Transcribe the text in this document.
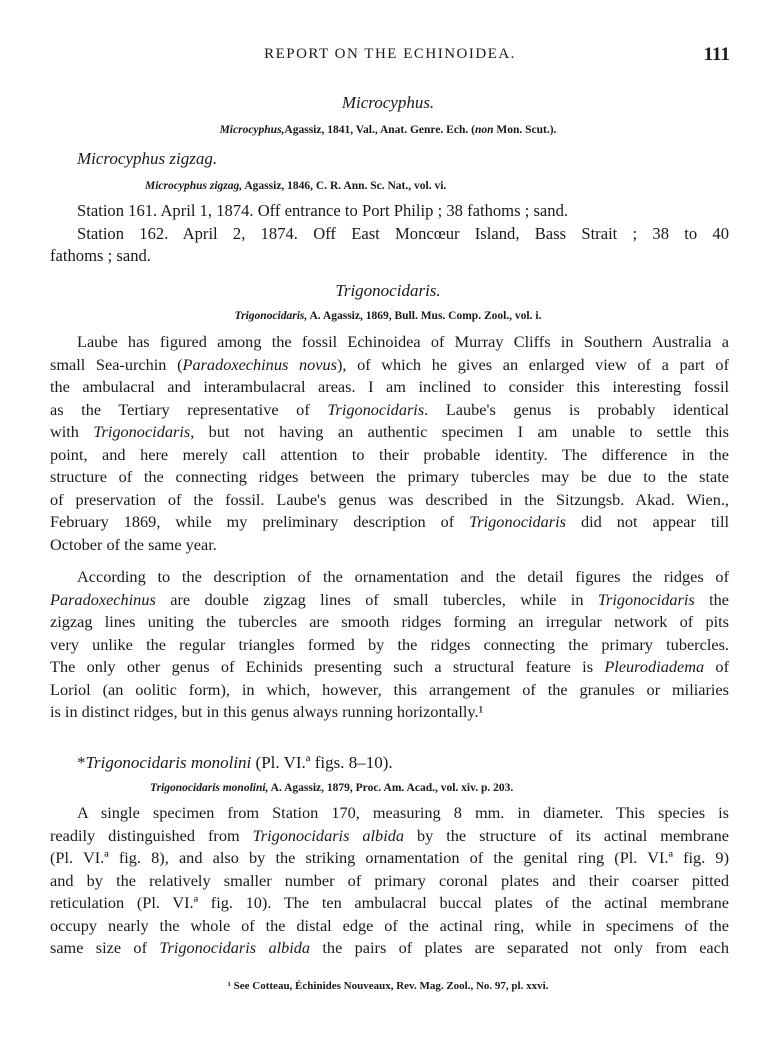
REPORT ON THE ECHINOIDEA.	111
Microcyphus.
Microcyphus,Agassiz, 1841, Val., Anat. Genre. Ech. (non Mon. Scut.).
Microcyphus zigzag.
Microcyphus zigzag, Agassiz, 1846, C. R. Ann. Sc. Nat., vol. vi.
Station 161. April 1, 1874. Off entrance to Port Philip ; 38 fathoms ; sand.
Station 162. April 2, 1874. Off East Moncœur Island, Bass Strait ; 38 to 40
fathoms ; sand.
Trigonocidaris.
Trigonocidaris, A. Agassiz, 1869, Bull. Mus. Comp. Zool., vol. i.
Laube has figured among the fossil Echinoidea of Murray Cliffs in Southern Australia a
small Sea-urchin (Paradoxechinus novus), of which he gives an enlarged view of a part of
the ambulacral and interambulacral areas. I am inclined to consider this interesting fossil
as the Tertiary representative of Trigonocidaris. Laube's genus is probably identical
with Trigonocidaris, but not having an authentic specimen I am unable to settle this
point, and here merely call attention to their probable identity. The difference in the
structure of the connecting ridges between the primary tubercles may be due to the state
of preservation of the fossil. Laube's genus was described in the Sitzungsb. Akad. Wien.,
February 1869, while my preliminary description of Trigonocidaris did not appear till
October of the same year.
According to the description of the ornamentation and the detail figures the ridges of
Paradoxechinus are double zigzag lines of small tubercles, while in Trigonocidaris the
zigzag lines uniting the tubercles are smooth ridges forming an irregular network of pits
very unlike the regular triangles formed by the ridges connecting the primary tubercles.
The only other genus of Echinids presenting such a structural feature is Pleurodiadema of
Loriol (an oolitic form), in which, however, this arrangement of the granules or miliaries
is in distinct ridges, but in this genus always running horizontally.¹
*Trigonocidaris monolini (Pl. VI.ª figs. 8–10).
Trigonocidaris monolini, A. Agassiz, 1879, Proc. Am. Acad., vol. xiv. p. 203.
A single specimen from Station 170, measuring 8 mm. in diameter. This species is
readily distinguished from Trigonocidaris albida by the structure of its actinal membrane
(Pl. VI.ª fig. 8), and also by the striking ornamentation of the genital ring (Pl. VI.ª fig. 9)
and by the relatively smaller number of primary coronal plates and their coarser pitted
reticulation (Pl. VI.ª fig. 10). The ten ambulacral buccal plates of the actinal membrane
occupy nearly the whole of the distal edge of the actinal ring, while in specimens of the
same size of Trigonocidaris albida the pairs of plates are separated not only from each
¹ See Cotteau, Échinides Nouveaux, Rev. Mag. Zool., No. 97, pl. xxvi.
